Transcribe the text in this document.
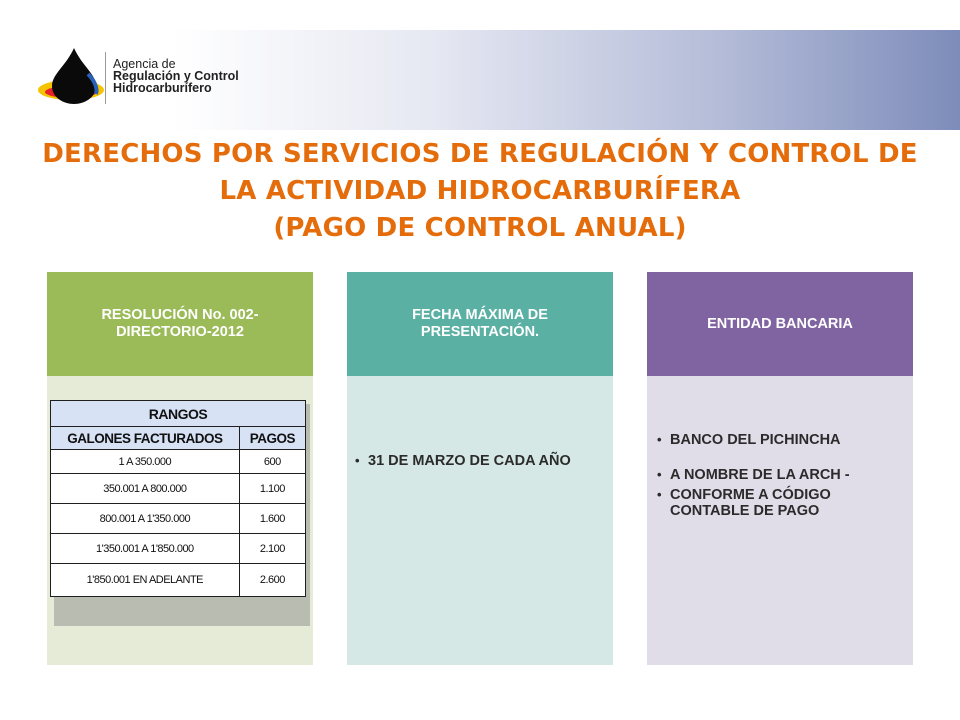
Agencia de
Regulación y Control
Hidrocarburífero
DERECHOS POR SERVICIOS DE REGULACIÓN Y CONTROL DE
LA ACTIVIDAD HIDROCARBURÍFERA
(PAGO DE CONTROL ANUAL)
RESOLUCIÓN No. 002-DIRECTORIO-2012
RANGOS	
GALONES FACTURADOS	PAGOS
1 A 350.000	600
350.001 A 800.000	1.100
800.001 A 1'350.000	1.600
1'350.001 A 1'850.000	2.100
1'850.001 EN ADELANTE	2.600
FECHA MÁXIMA DE PRESENTACIÓN.
• 31 DE MARZO DE CADA AÑO
ENTIDAD BANCARIA
• BANCO DEL PICHINCHA
• A NOMBRE DE LA ARCH -
• CONFORME A CÓDIGO CONTABLE DE PAGO
